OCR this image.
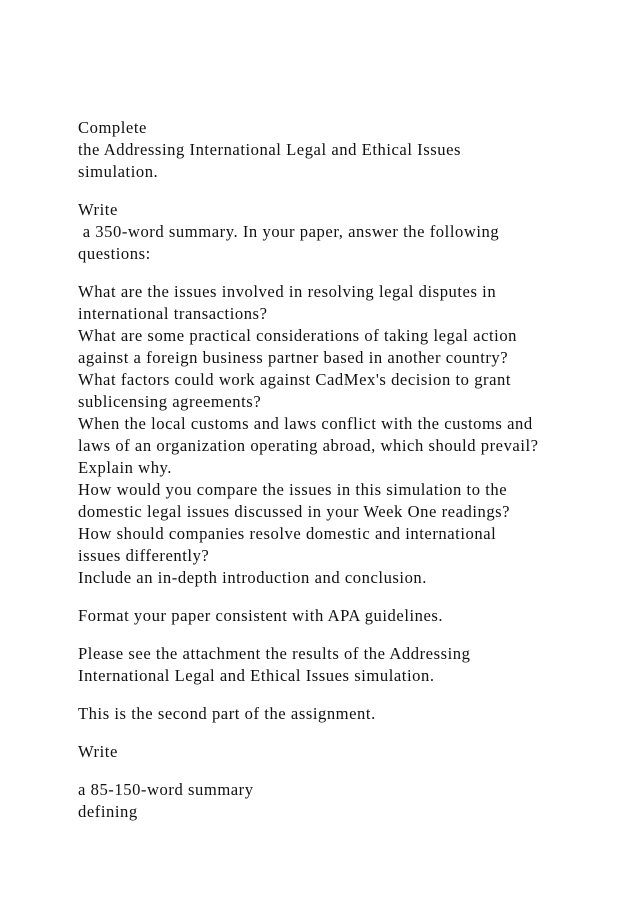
Complete

the Addressing International Legal and Ethical Issues

simulation.

Write

a 350-word summary. In your paper, answer the following

questions:

What are the issues involved in resolving legal disputes in

international transactions?

What are some practical considerations of taking legal action

against a foreign business partner based in another country?

What factors could work against CadMex's decision to grant

sublicensing agreements?

When the local customs and laws conflict with the customs and

laws of an organization operating abroad, which should prevail?

Explain why.

How would you compare the issues in this simulation to the

domestic legal issues discussed in your Week One readings?

How should companies resolve domestic and international

issues differently?

Include an in-depth introduction and conclusion.

Format your paper consistent with APA guidelines.

Please see the attachment the results of the Addressing

International Legal and Ethical Issues simulation.

This is the second part of the assignment.

Write

a 85-150-word summary

defining
